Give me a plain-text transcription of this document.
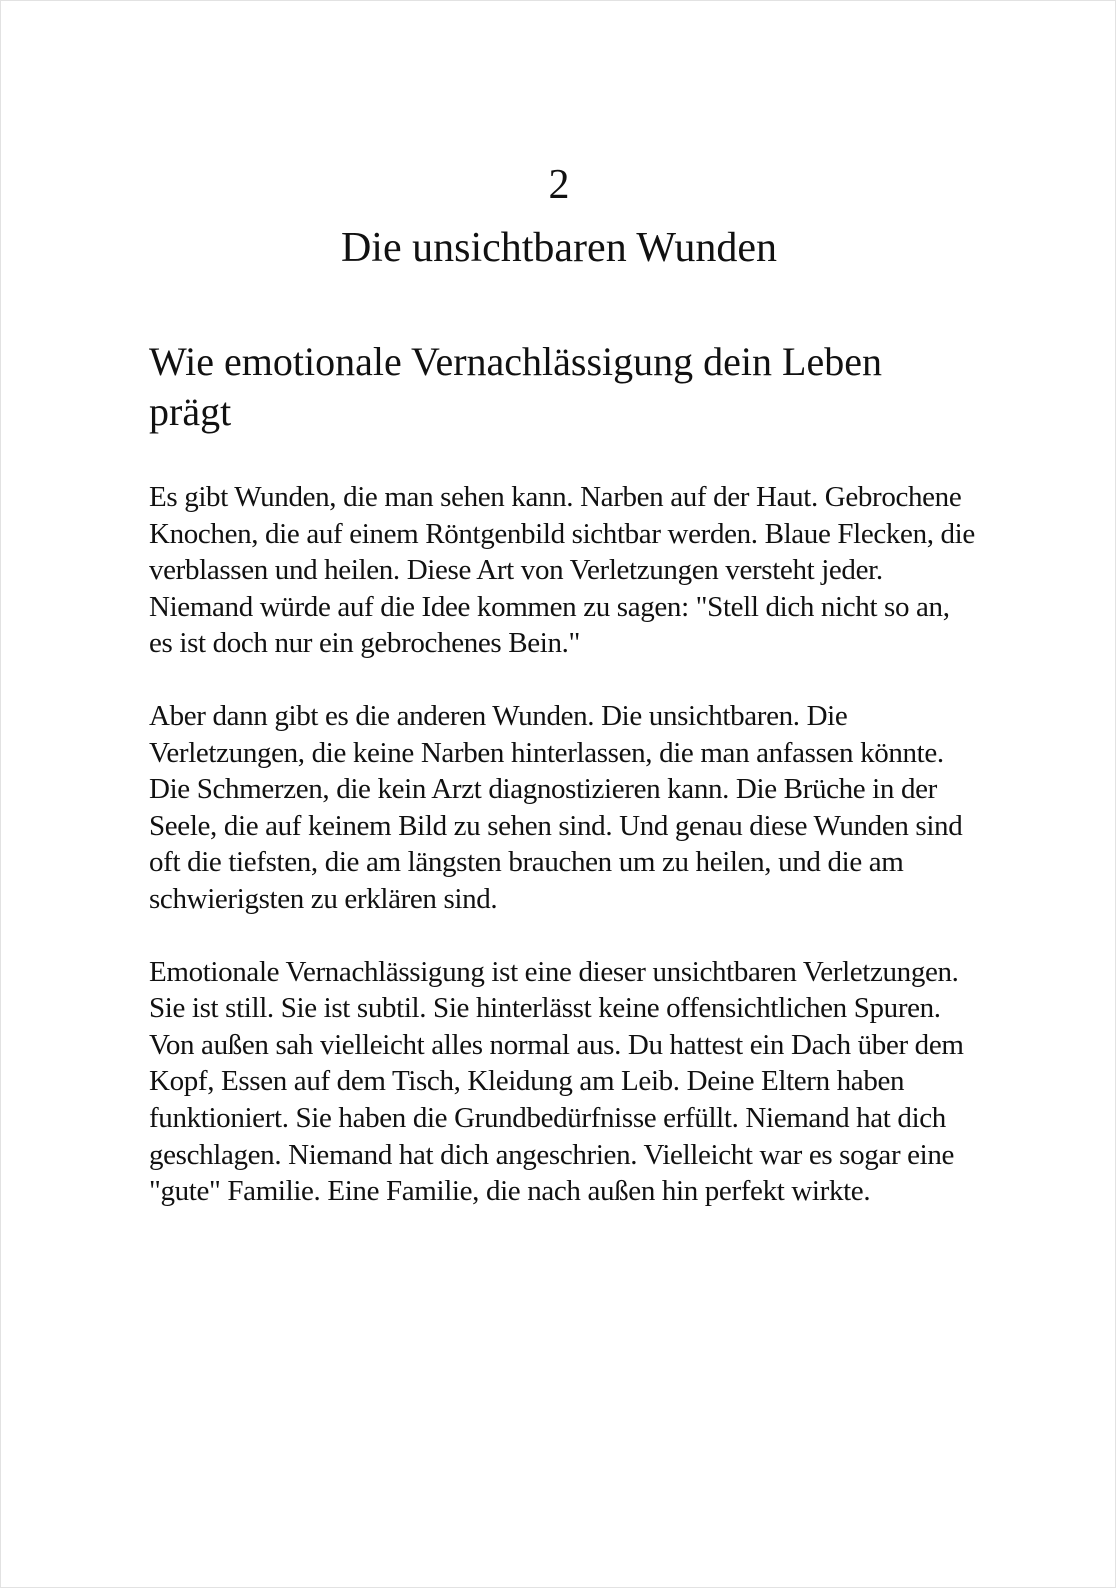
2
Die unsichtbaren Wunden
Wie emotionale Vernachlässigung dein Leben prägt

Es gibt Wunden, die man sehen kann. Narben auf der Haut. Gebrochene Knochen, die auf einem Röntgenbild sichtbar werden. Blaue Flecken, die verblassen und heilen. Diese Art von Verletzungen versteht jeder. Niemand würde auf die Idee kommen zu sagen: "Stell dich nicht so an, es ist doch nur ein gebrochenes Bein."

Aber dann gibt es die anderen Wunden. Die unsichtbaren. Die Verletzungen, die keine Narben hinterlassen, die man anfassen könnte. Die Schmerzen, die kein Arzt diagnostizieren kann. Die Brüche in der Seele, die auf keinem Bild zu sehen sind. Und genau diese Wunden sind oft die tiefsten, die am längsten brauchen um zu heilen, und die am schwierigsten zu erklären sind.

Emotionale Vernachlässigung ist eine dieser unsichtbaren Verletzungen. Sie ist still. Sie ist subtil. Sie hinterlässt keine offensichtlichen Spuren. Von außen sah vielleicht alles normal aus. Du hattest ein Dach über dem Kopf, Essen auf dem Tisch, Kleidung am Leib. Deine Eltern haben funktioniert. Sie haben die Grundbedürfnisse erfüllt. Niemand hat dich geschlagen. Niemand hat dich angeschrien. Vielleicht war es sogar eine "gute" Familie. Eine Familie, die nach außen hin perfekt wirkte.
